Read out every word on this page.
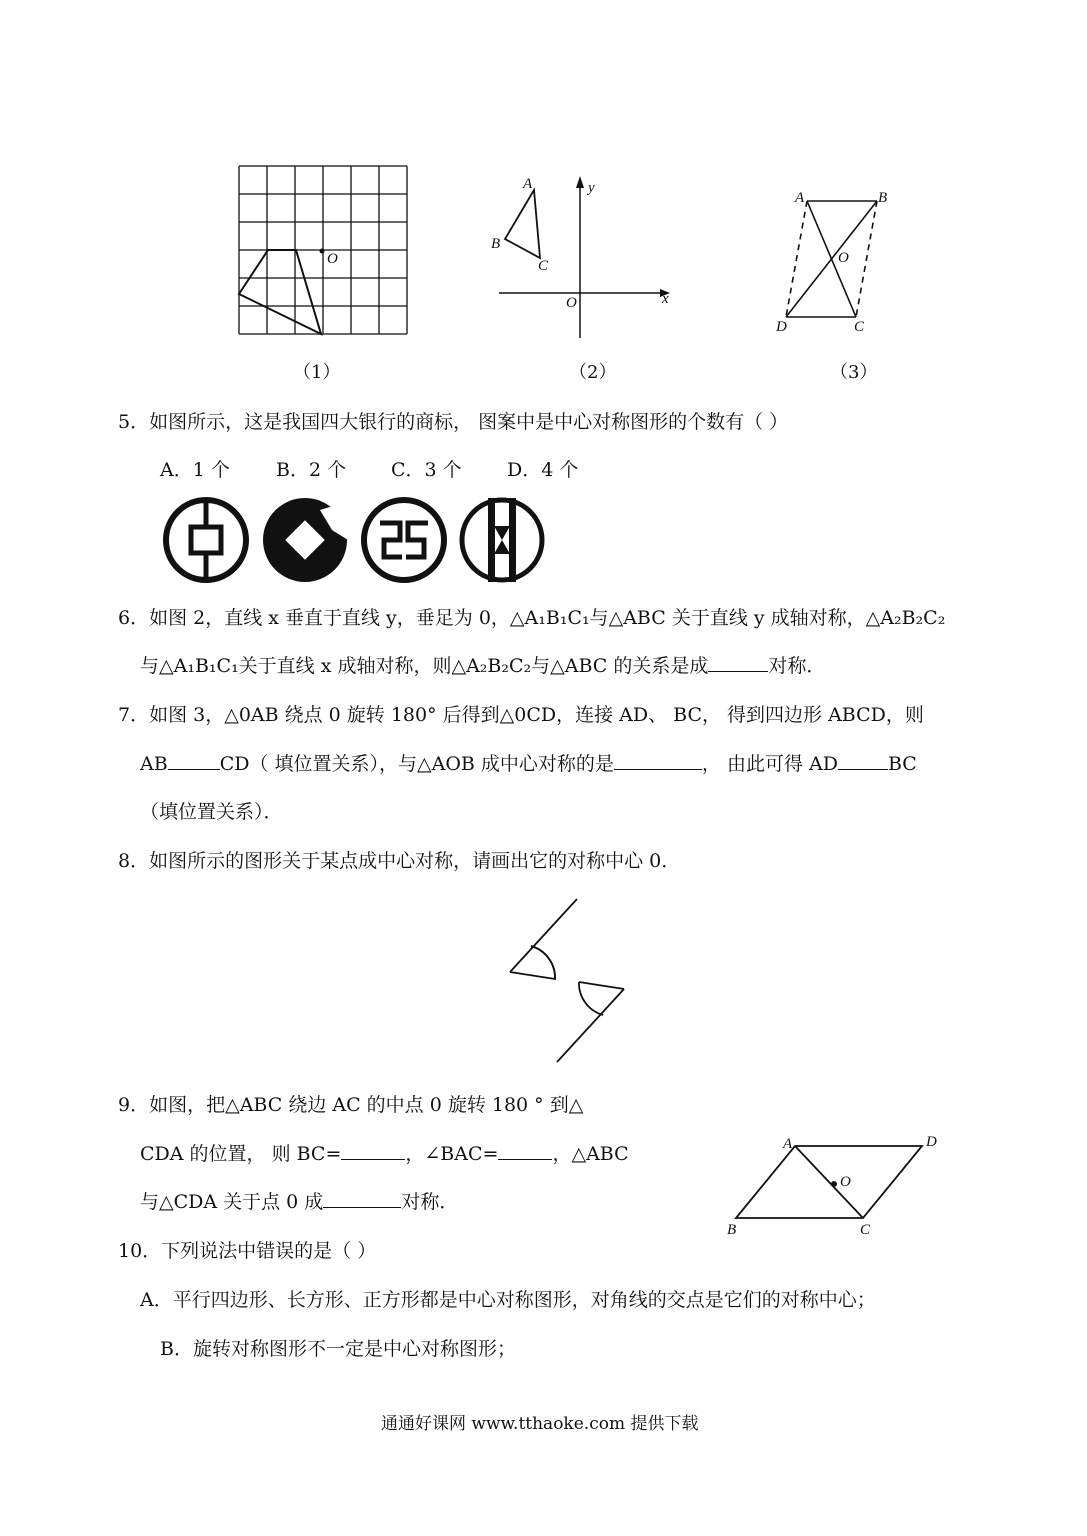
O
A
B
C
O	x
y
A	B
C
D
O
（1）	（2）	（3）
5．如图所示，这是我国四大银行的商标， 图案中是中心对称图形的个数有（ ）
A．1 个 B．2 个 C．3 个 D．4 个
6．如图 2，直线 x 垂直于直线 y，垂足为 0，△A₁B₁C₁与△ABC 关于直线 y 成轴对称，△A₂B₂C₂
与△A₁B₁C₁关于直线 x 成轴对称，则△A₂B₂C₂与△ABC 的关系是成	对称．
7．如图 3，△0AB 绕点 0 旋转 180° 后得到△0CD，连接 AD、 BC， 得到四边形 ABCD，则
AB	CD（ 填位置关系），与△AOB 成中心对称的是	， 由此可得 AD	BC
（填位置关系）．
8．如图所示的图形关于某点成中心对称，请画出它的对称中心 0．
9．如图，把△ABC 绕边 AC 的中点 0 旋转 180 ° 到△
CDA 的位置， 则 BC=	，∠BAC=	，△ABC
与△CDA 关于点 0 成	对称．
A	D
B	C
O
10．下列说法中错误的是（ ）
A．平行四边形、长方形、正方形都是中心对称图形，对角线的交点是它们的对称中心；
B．旋转对称图形不一定是中心对称图形；
通通好课网 www.tthaoke.com 提供下载
